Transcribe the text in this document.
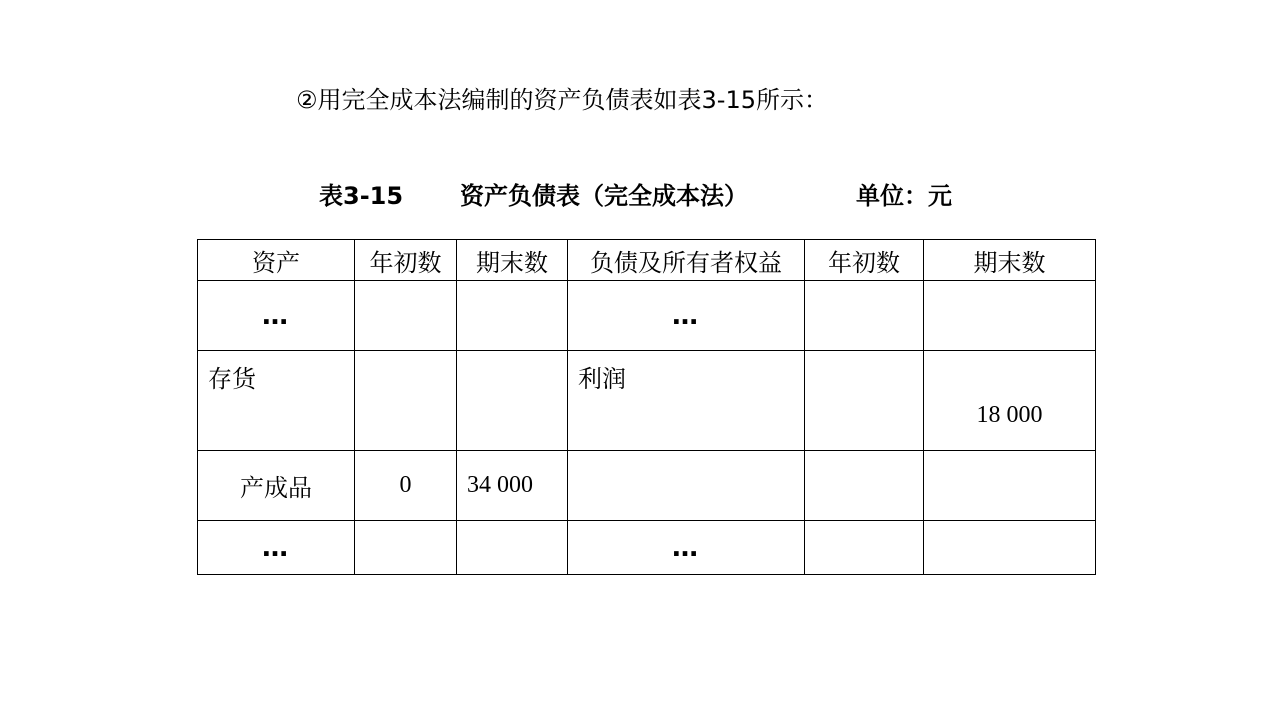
②用完全成本法编制的资产负债表如表3-15所示：
表3-15 资产负债表（完全成本法）	单位：元
资产	年初数	期末数	负债及所有者权益	年初数	期末数
…			…		
存货			利润		18 000
产成品	0	34 000			
…			…		
